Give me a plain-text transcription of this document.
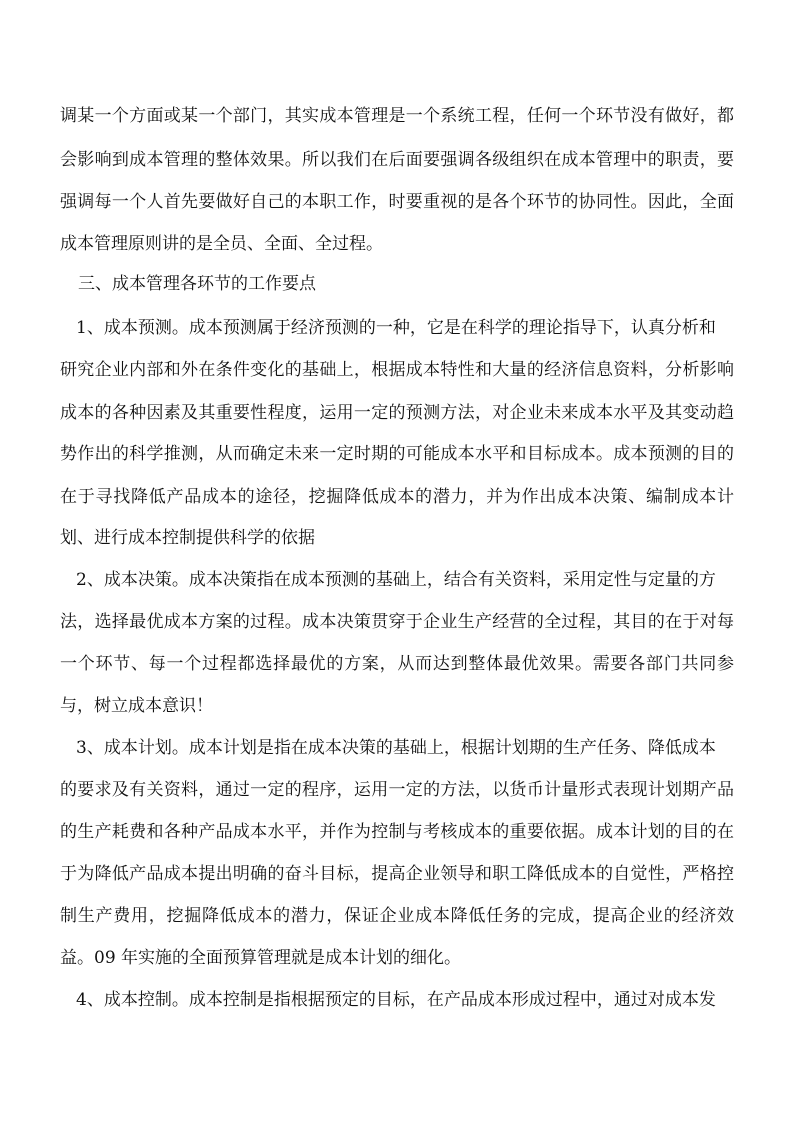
调某一个方面或某一个部门，其实成本管理是一个系统工程，任何一个环节没有做好，都
会影响到成本管理的整体效果。所以我们在后面要强调各级组织在成本管理中的职责，要
强调每一个人首先要做好自己的本职工作，时要重视的是各个环节的协同性。因此，全面
成本管理原则讲的是全员、全面、全过程。
三、成本管理各环节的工作要点
1、成本预测。成本预测属于经济预测的一种，它是在科学的理论指导下，认真分析和
研究企业内部和外在条件变化的基础上，根据成本特性和大量的经济信息资料，分析影响
成本的各种因素及其重要性程度，运用一定的预测方法，对企业未来成本水平及其变动趋
势作出的科学推测，从而确定未来一定时期的可能成本水平和目标成本。成本预测的目的
在于寻找降低产品成本的途径，挖掘降低成本的潜力，并为作出成本决策、编制成本计
划、进行成本控制提供科学的依据
2、成本决策。成本决策指在成本预测的基础上，结合有关资料，采用定性与定量的方
法，选择最优成本方案的过程。成本决策贯穿于企业生产经营的全过程，其目的在于对每
一个环节、每一个过程都选择最优的方案，从而达到整体最优效果。需要各部门共同参
与，树立成本意识！
3、成本计划。成本计划是指在成本决策的基础上，根据计划期的生产任务、降低成本
的要求及有关资料，通过一定的程序，运用一定的方法，以货币计量形式表现计划期产品
的生产耗费和各种产品成本水平，并作为控制与考核成本的重要依据。成本计划的目的在
于为降低产品成本提出明确的奋斗目标，提高企业领导和职工降低成本的自觉性，严格控
制生产费用，挖掘降低成本的潜力，保证企业成本降低任务的完成，提高企业的经济效
益。09 年实施的全面预算管理就是成本计划的细化。
4、成本控制。成本控制是指根据预定的目标，在产品成本形成过程中，通过对成本发
